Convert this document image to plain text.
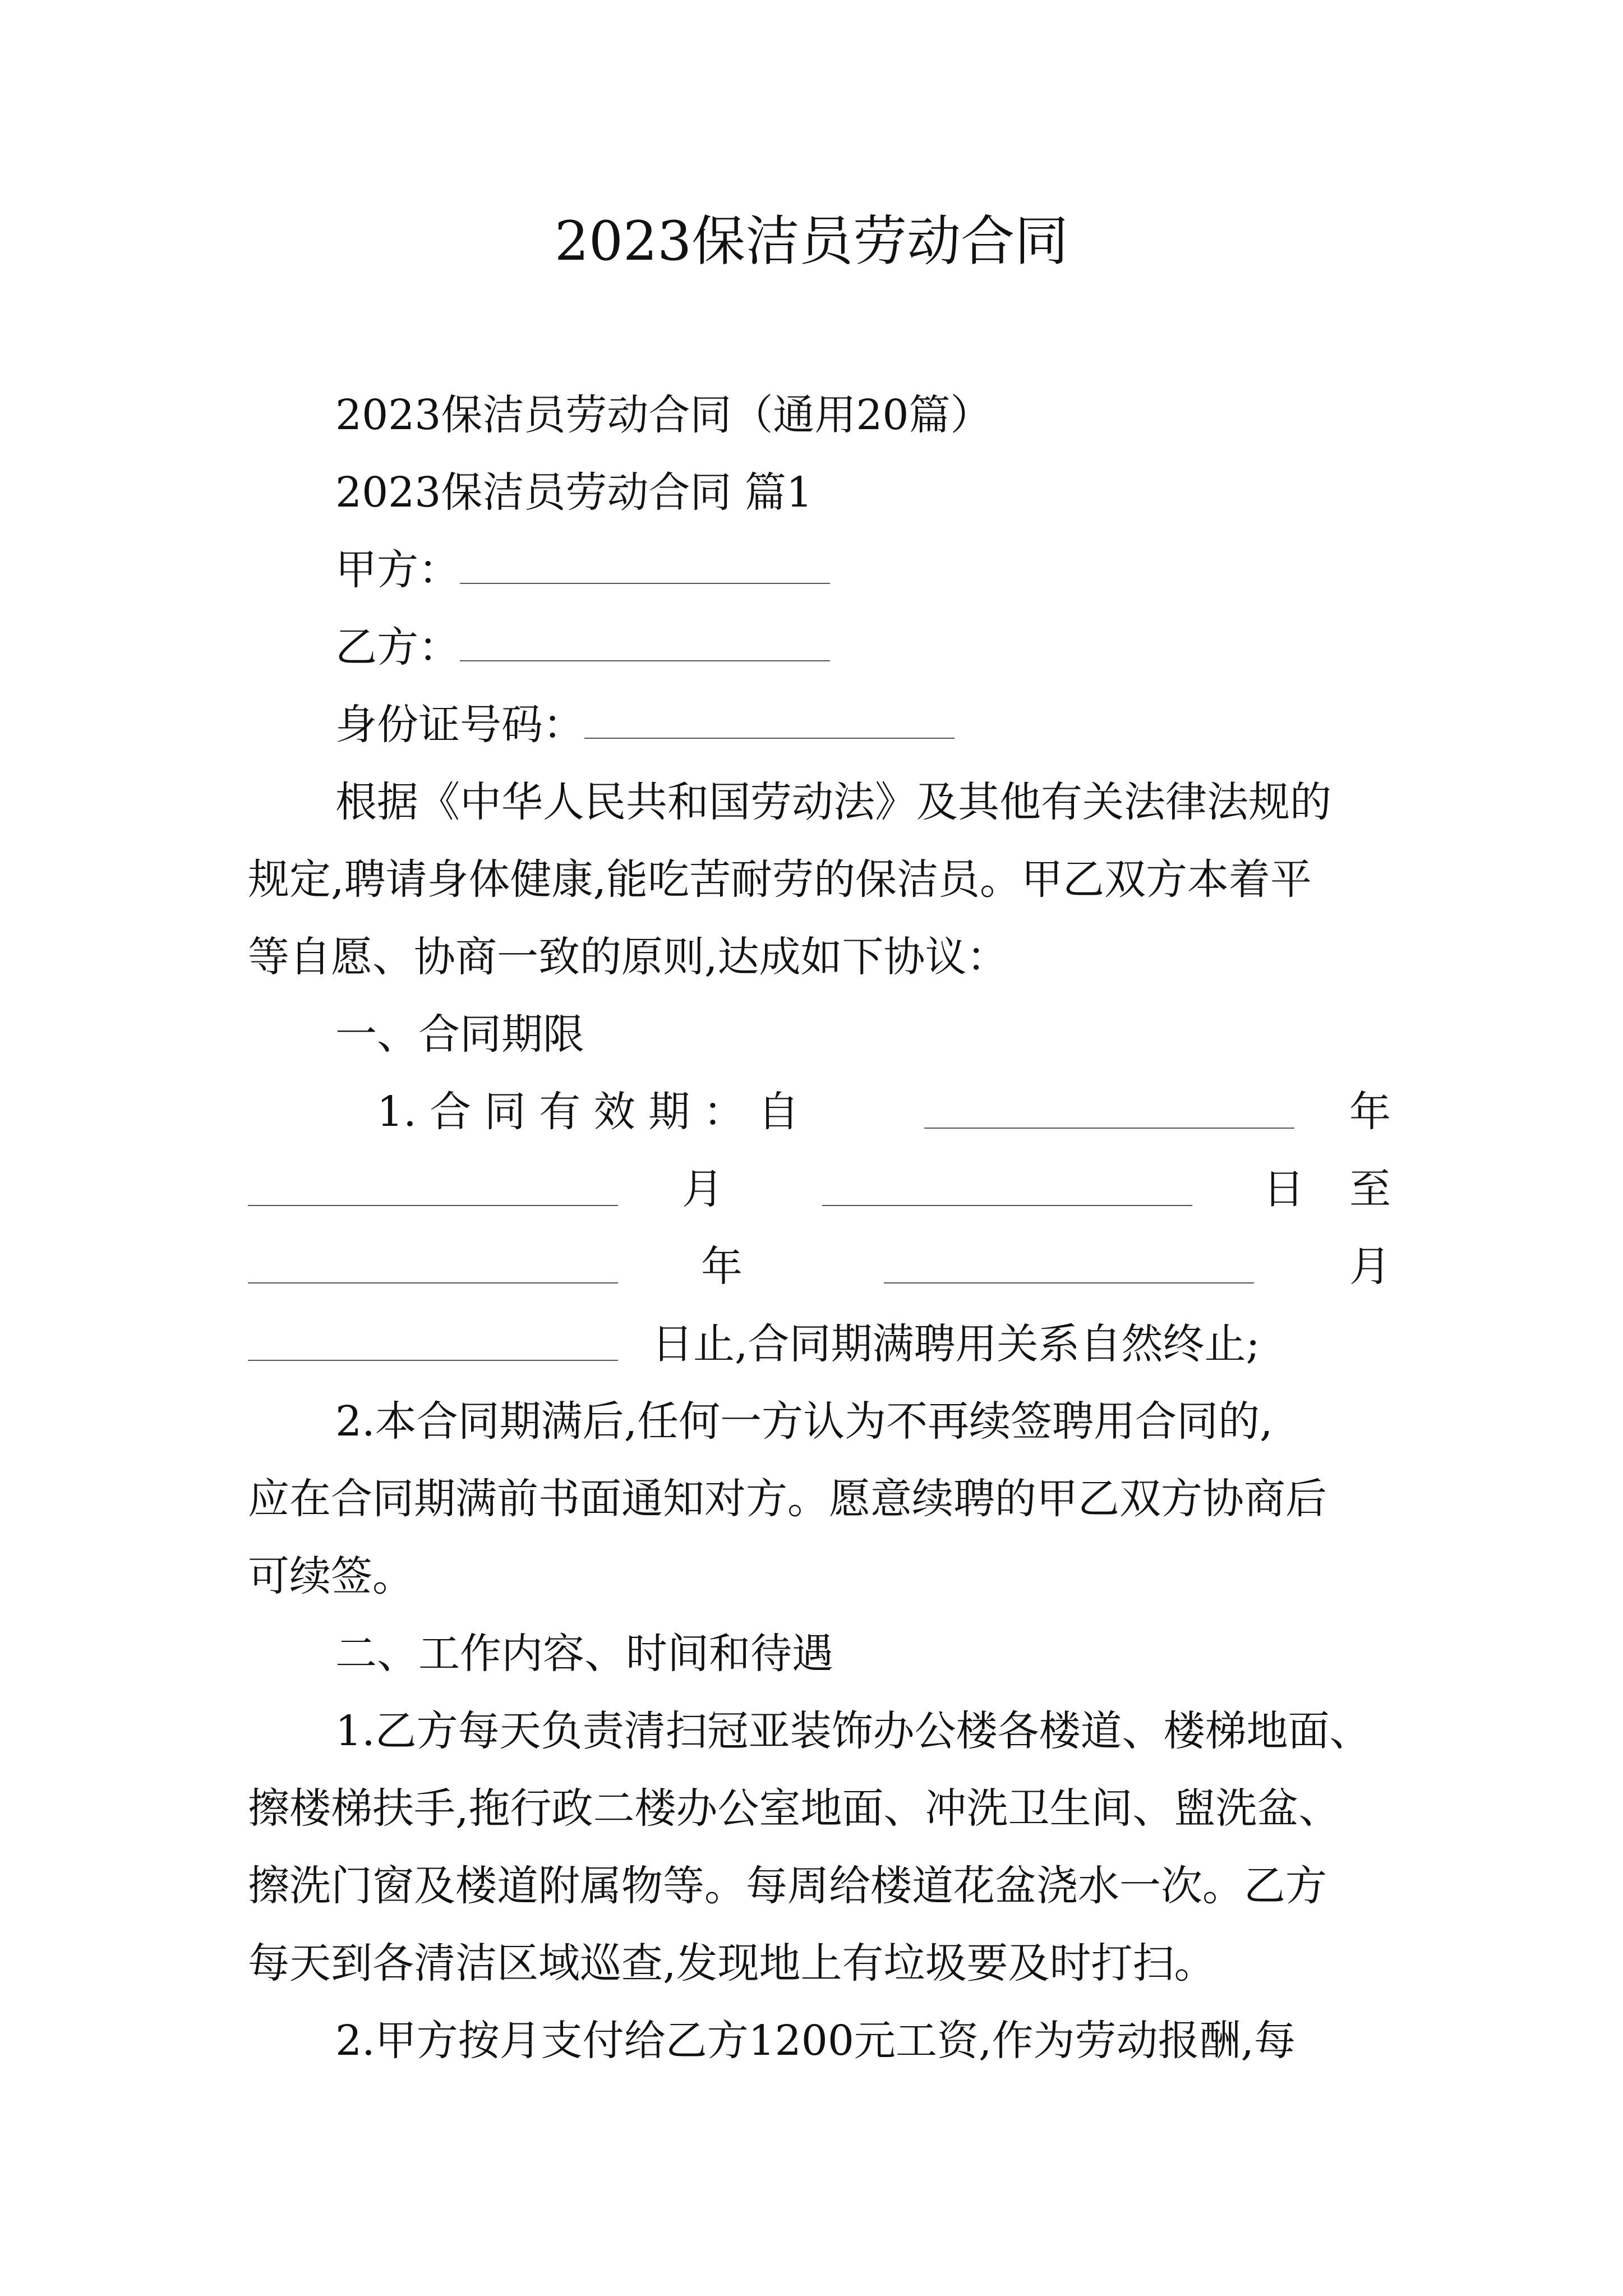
2023保洁员劳动合同
2023保洁员劳动合同（通用20篇）
2023保洁员劳动合同 篇1
甲方：
乙方：
身份证号码：
根据《中华人民共和国劳动法》及其他有关法律法规的
规定,聘请身体健康,能吃苦耐劳的保洁员。甲乙双方本着平
等自愿、协商一致的原则,达成如下协议：
一、合同期限
1. 合 同 有 效 期 ： 自	年
月	日 至
年	月
日止,合同期满聘用关系自然终止;
2.本合同期满后,任何一方认为不再续签聘用合同的,
应在合同期满前书面通知对方。愿意续聘的甲乙双方协商后
可续签。
二、工作内容、时间和待遇
1.乙方每天负责清扫冠亚装饰办公楼各楼道、楼梯地面、
擦楼梯扶手,拖行政二楼办公室地面、冲洗卫生间、盥洗盆、
擦洗门窗及楼道附属物等。每周给楼道花盆浇水一次。乙方
每天到各清洁区域巡查,发现地上有垃圾要及时打扫。
2.甲方按月支付给乙方1200元工资,作为劳动报酬,每
